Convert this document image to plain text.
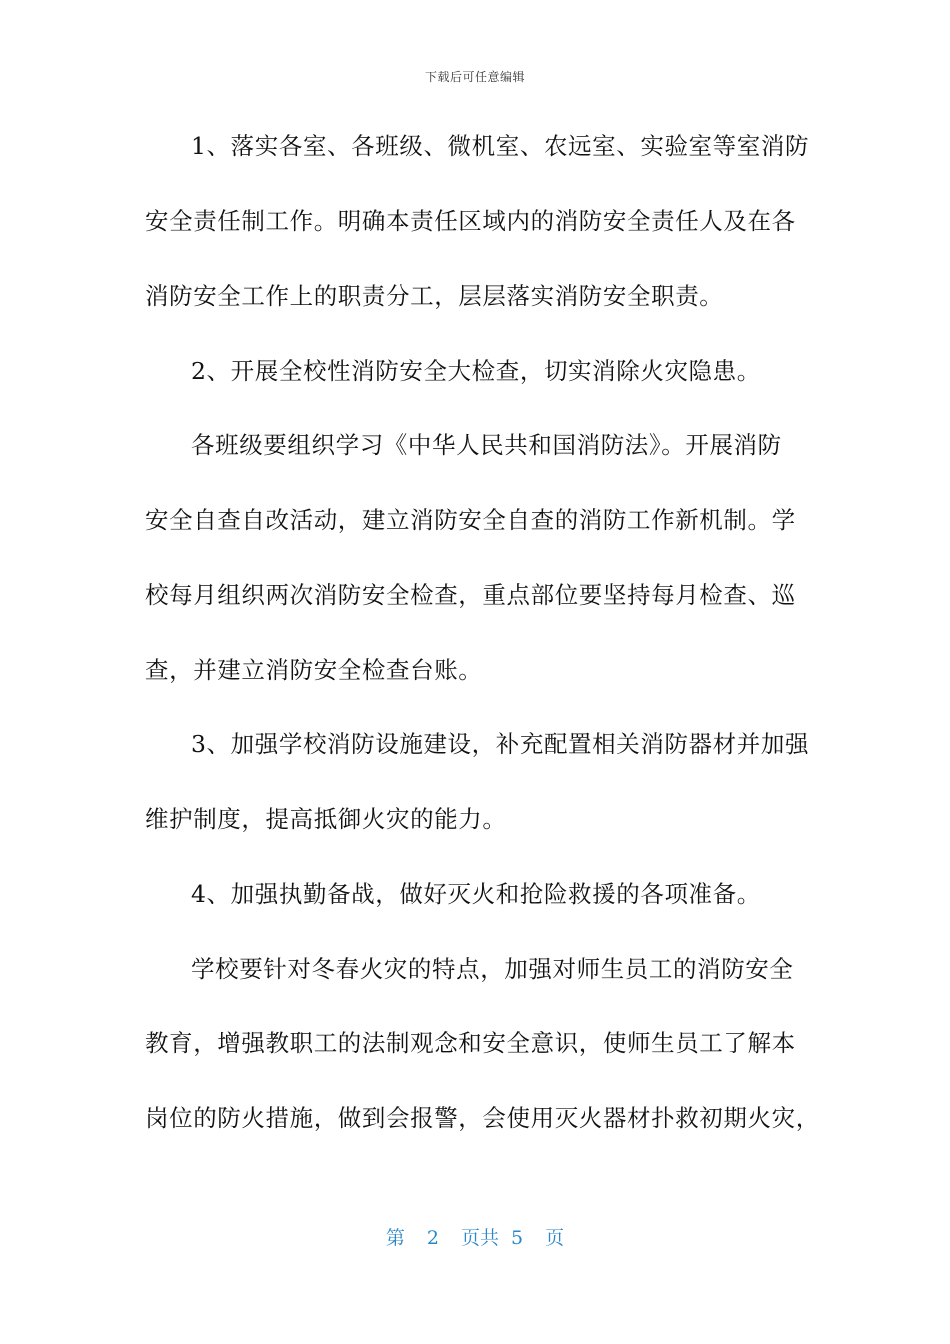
下载后可任意编辑
1、落实各室、各班级、微机室、农远室、实验室等室消防
安全责任制工作。明确本责任区域内的消防安全责任人及在各
消防安全工作上的职责分工，层层落实消防安全职责。
2、开展全校性消防安全大检查，切实消除火灾隐患。
各班级要组织学习《中华人民共和国消防法》。开展消防
安全自查自改活动，建立消防安全自查的消防工作新机制。学
校每月组织两次消防安全检查，重点部位要坚持每月检查、巡
查，并建立消防安全检查台账。
3、加强学校消防设施建设，补充配置相关消防器材并加强
维护制度，提高抵御火灾的能力。
4、加强执勤备战，做好灭火和抢险救援的各项准备。
学校要针对冬春火灾的特点，加强对师生员工的消防安全
教育，增强教职工的法制观念和安全意识，使师生员工了解本
岗位的防火措施，做到会报警，会使用灭火器材扑救初期火灾，
第 2 页共 5 页
